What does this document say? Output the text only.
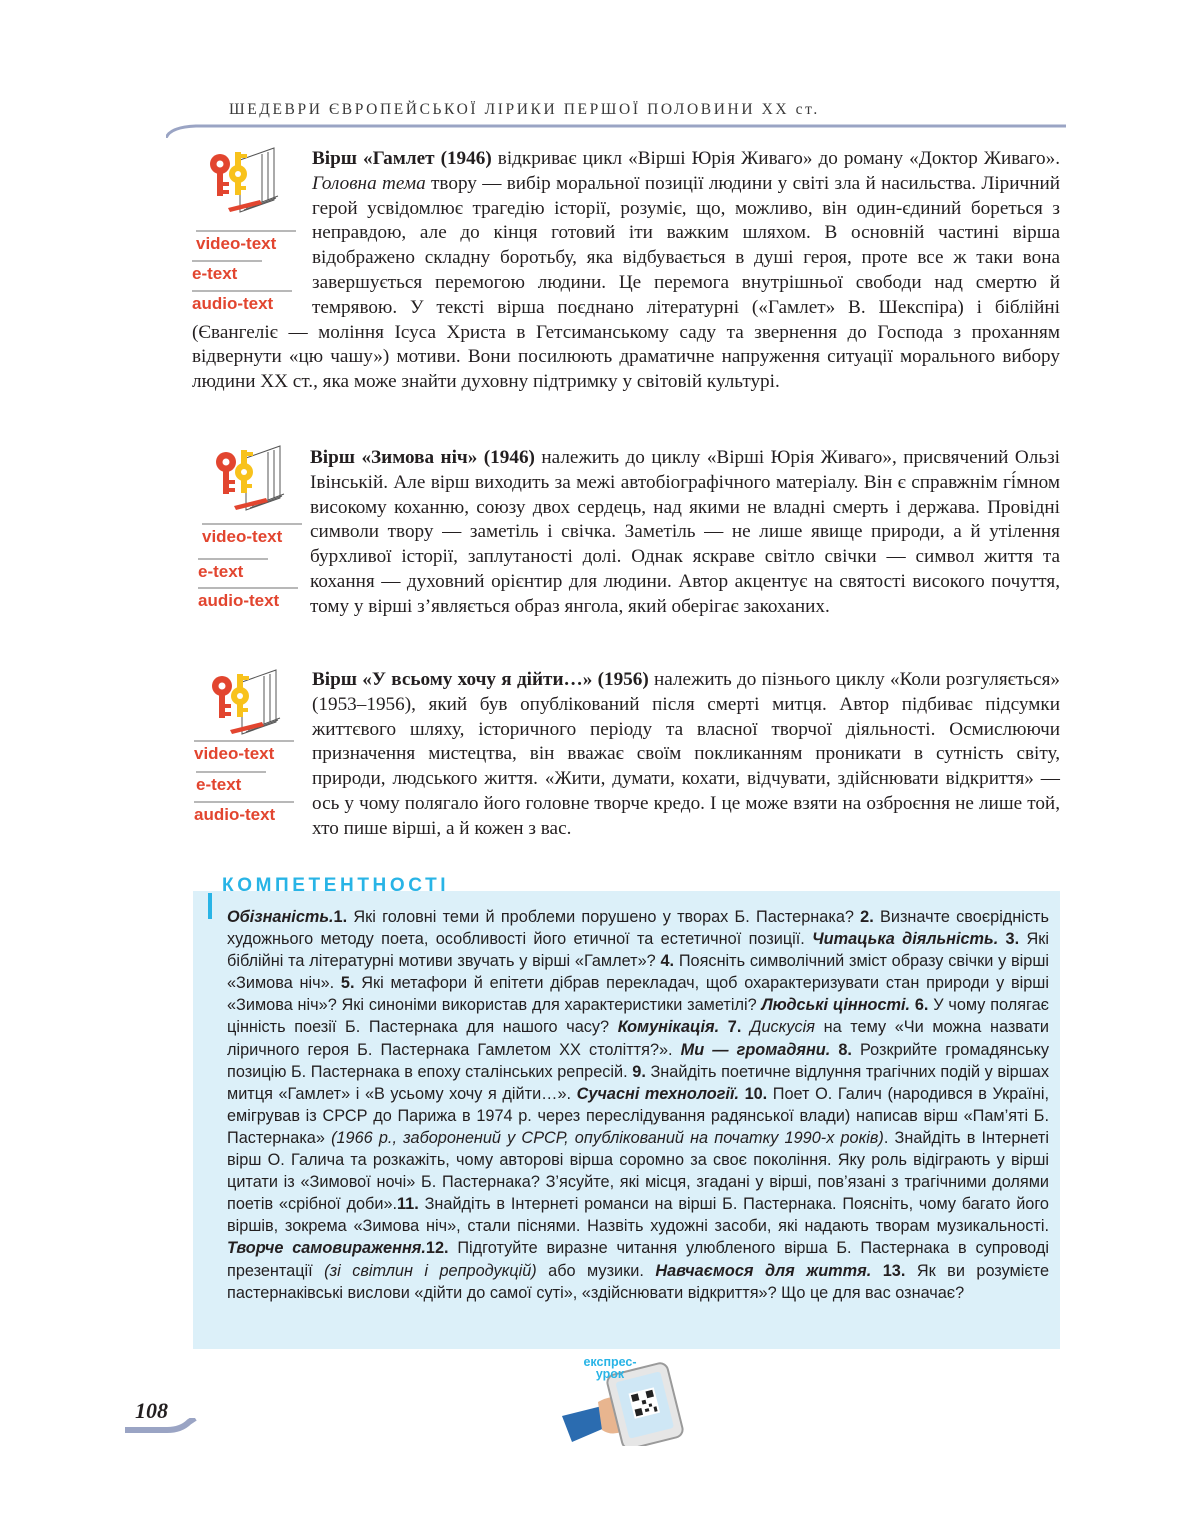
ШЕДЕВРИ ЄВРОПЕЙСЬКОЇ ЛІРИКИ ПЕРШОЇ ПОЛОВИНИ ХХ ст.
video-text
e-text
audio-text

Вірш «Гамлет (1946) відкриває цикл «Вірші Юрія Живаго» до роману «Доктор Живаго». Головна тема твору — вибір моральної позиції людини у світі зла й насильства. Ліричний герой усвідомлює трагедію історії, розуміє, що, можливо, він один-єдиний бореться з неправдою, але до кінця готовий іти важким шляхом. В основній частині вірша відображено складну боротьбу, яка відбувається в душі героя, проте все ж таки вона завершується перемогою людини. Це перемога внутрішньої свободи над смертю й темрявою. У тексті вірша поєднано літературні («Гамлет» В. Шекспіра) і біблійні (Євангеліє — моління Ісуса Христа в Гетсиманському саду та звернення до Господа з проханням відвернути «цю чашу») мотиви. Вони посилюють драматичне напруження ситуації морального вибору людини ХХ ст., яка може знайти духовну підтримку у світовій культурі.

video-text
e-text
audio-text

Вірш «Зимова ніч» (1946) належить до циклу «Вірші Юрія Живаго», присвячений Ользі Івінській. Але вірш виходить за межі автобіографічного матеріалу. Він є справжнім гі́мном високому коханню, союзу двох сердець, над якими не владні смерть і держава. Провідні символи твору — заметіль і свічка. Заметіль — не лише явище природи, а й утілення бурхливої історії, заплутаності долі. Однак яскраве світло свічки — символ життя та кохання — духовний орієнтир для людини. Автор акцентує на святості високого почуття, тому у вірші з’являється образ янгола, який оберігає закоханих.

video-text
e-text
audio-text

Вірш «У всьому хочу я дійти…» (1956) належить до пізнього циклу «Коли розгуляється» (1953–1956), який був опублікований після смерті митця. Автор підбиває підсумки життєвого шляху, історичного періоду та власної творчої діяльності. Осмислюючи призначення мистецтва, він вважає своїм покликанням проникати в сутність світу, природи, людського життя. «Жити, думати, кохати, відчувати, здійснювати відкриття» — ось у чому полягало його головне творче кредо. І це може взяти на озброєння не лише той, хто пише вірші, а й кожен з вас.

КОМПЕТЕНТНОСТІ

Обізнаність.1. Які головні теми й проблеми порушено у творах Б. Пастернака? 2. Визначте своєрідність художнього методу поета, особливості його етичної та естетичної позиції. Читацька діяльність. 3. Які біблійні та літературні мотиви звучать у вірші «Гамлет»? 4. Поясніть символічний зміст образу свічки у вірші «Зимова ніч». 5. Які метафори й епітети дібрав перекладач, щоб охарактеризувати стан природи у вірші «Зимова ніч»? Які синоніми використав для характеристики заметілі? Людські цінності. 6. У чому полягає цінність поезії Б. Пастернака для нашого часу? Комунікація. 7. Дискусія на тему «Чи можна назвати ліричного героя Б. Пастернака Гамлетом ХХ століття?». Ми — громадяни. 8. Розкрийте громадянську позицію Б. Пастернака в епоху сталінських репресій. 9. Знайдіть поетичне відлуння трагічних подій у віршах митця «Гамлет» і «В усьому хочу я дійти…». Сучасні технології. 10. Поет О. Галич (народився в Україні, емігрував із СРСР до Парижа в 1974 р. через переслідування радянської влади) написав вірш «Пам’яті Б. Пастернака» (1966 р., заборонений у СРСР, опублікований на початку 1990-х років). Знайдіть в Інтернеті вірш О. Галича та розкажіть, чому авторові вірша соромно за своє покоління. Яку роль відіграють у вірші цитати із «Зимової ночі» Б. Пастернака? З’ясуйте, які місця, згадані у вірші, пов’язані з трагічними долями поетів «срібної доби».11. Знайдіть в Інтернеті романси на вірші Б. Пастернака. Поясніть, чому багато його віршів, зокрема «Зимова ніч», стали піснями. Назвіть художні засоби, які надають творам музикальності. Творче самовираження.12. Підготуйте виразне читання улюбленого вірша Б. Пастернака в супроводі презентації (зі світлин і репродукцій) або музики. Навчаємося для життя. 13. Як ви розумієте пастернаківські вислови «дійти до самої суті», «здійснювати відкриття»? Що це для вас означає?

експрес-урок
108
